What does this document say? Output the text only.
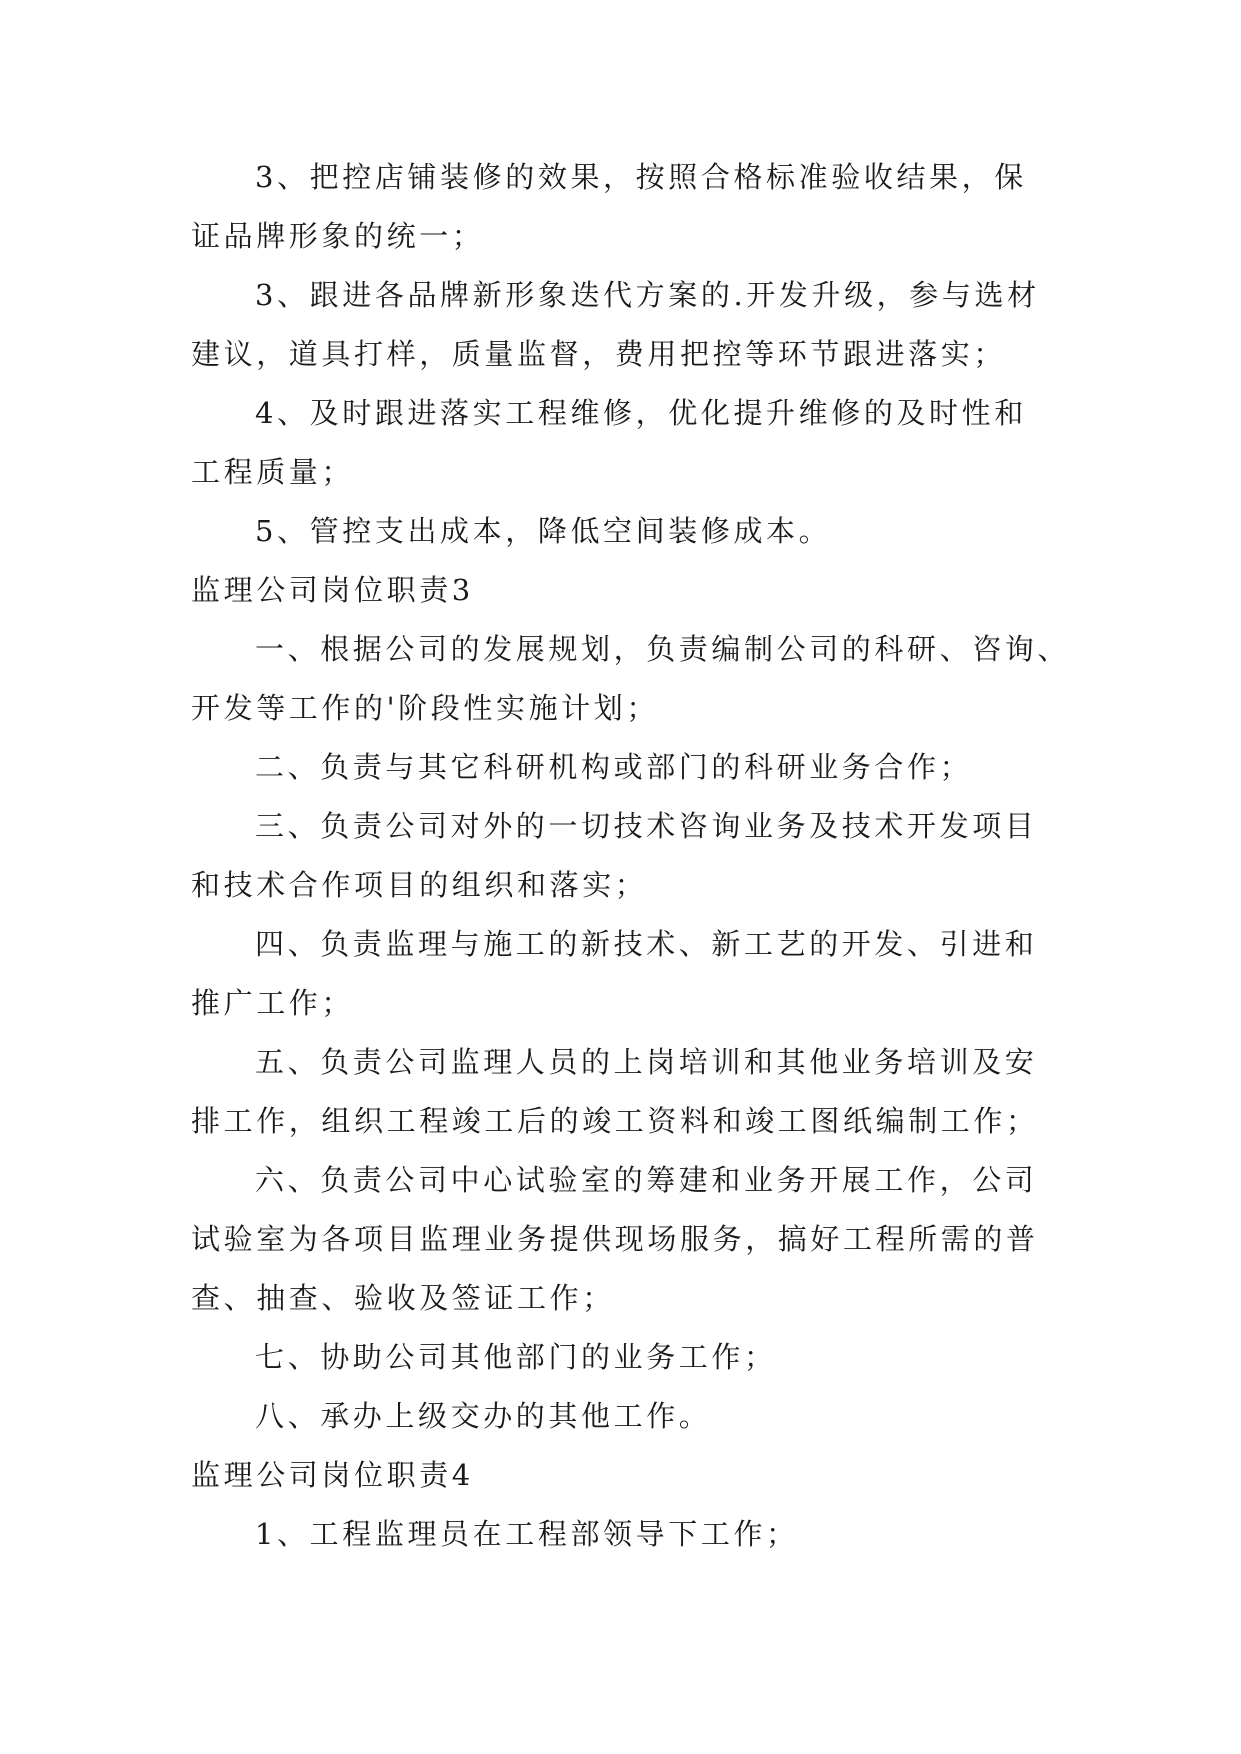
3、把控店铺装修的效果，按照合格标准验收结果，保
证品牌形象的统一；
3、跟进各品牌新形象迭代方案的.开发升级，参与选材
建议，道具打样，质量监督，费用把控等环节跟进落实；
4、及时跟进落实工程维修，优化提升维修的及时性和
工程质量；
5、管控支出成本，降低空间装修成本。
监理公司岗位职责3
一、根据公司的发展规划，负责编制公司的科研、咨询、
开发等工作的'阶段性实施计划；
二、负责与其它科研机构或部门的科研业务合作；
三、负责公司对外的一切技术咨询业务及技术开发项目
和技术合作项目的组织和落实；
四、负责监理与施工的新技术、新工艺的开发、引进和
推广工作；
五、负责公司监理人员的上岗培训和其他业务培训及安
排工作，组织工程竣工后的竣工资料和竣工图纸编制工作；
六、负责公司中心试验室的筹建和业务开展工作，公司
试验室为各项目监理业务提供现场服务，搞好工程所需的普
查、抽查、验收及签证工作；
七、协助公司其他部门的业务工作；
八、承办上级交办的其他工作。
监理公司岗位职责4
1、工程监理员在工程部领导下工作；
